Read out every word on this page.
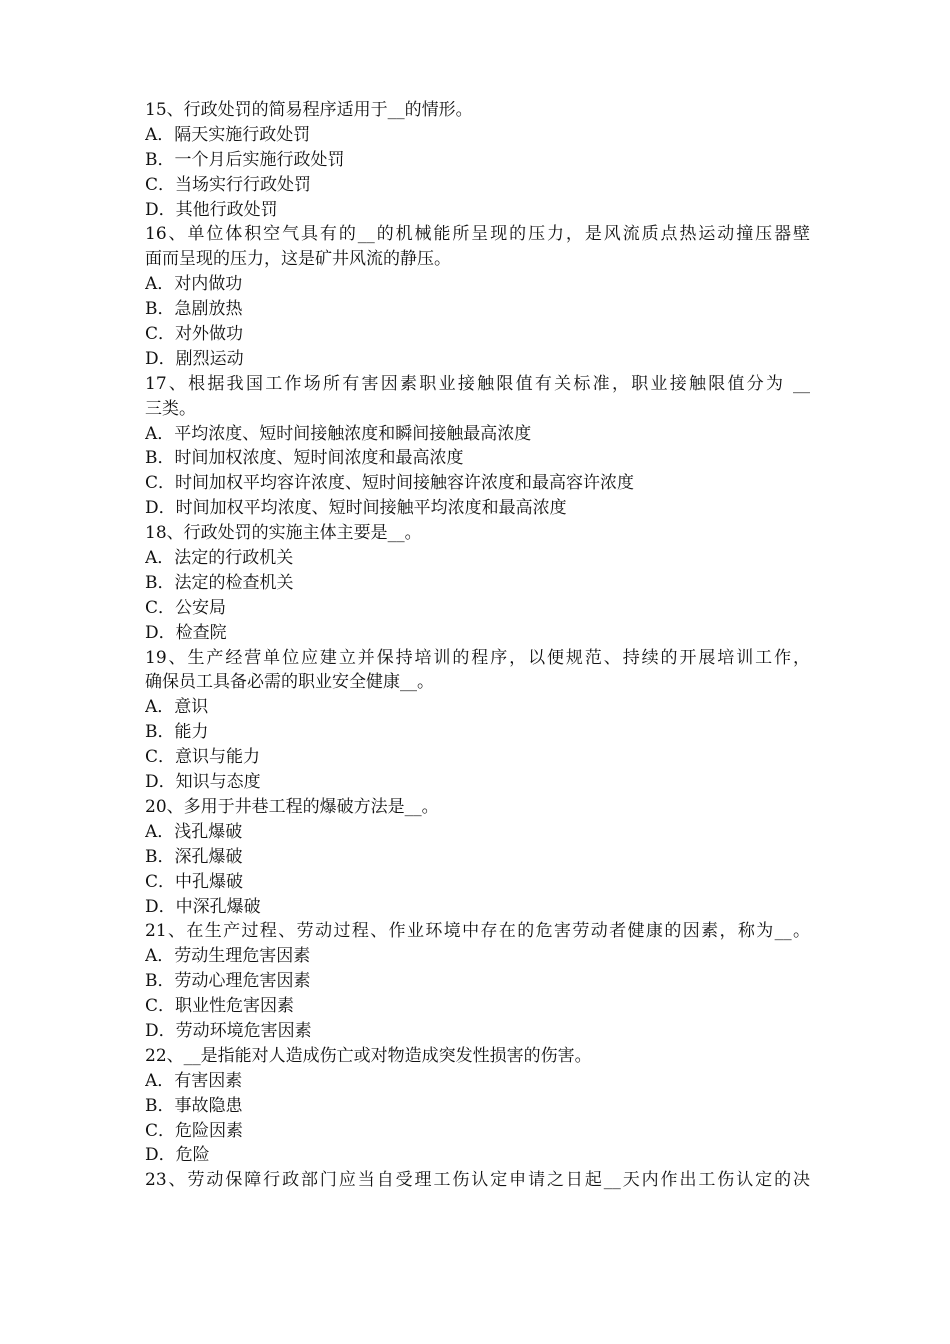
15、行政处罚的简易程序适用于__的情形。
A．隔天实施行政处罚
B．一个月后实施行政处罚
C．当场实行行政处罚
D．其他行政处罚
16、单位体积空气具有的__的机械能所呈现的压力，是风流质点热运动撞压器壁
面而呈现的压力，这是矿井风流的静压。
A．对内做功
B．急剧放热
C．对外做功
D．剧烈运动
17、根据我国工作场所有害因素职业接触限值有关标准，职业接触限值分为 __
三类。
A．平均浓度、短时间接触浓度和瞬间接触最高浓度
B．时间加权浓度、短时间浓度和最高浓度
C．时间加权平均容许浓度、短时间接触容许浓度和最高容许浓度
D．时间加权平均浓度、短时间接触平均浓度和最高浓度
18、行政处罚的实施主体主要是__。
A．法定的行政机关
B．法定的检查机关
C．公安局
D．检查院
19、生产经营单位应建立并保持培训的程序，以便规范、持续的开展培训工作，
确保员工具备必需的职业安全健康__。
A．意识
B．能力
C．意识与能力
D．知识与态度
20、多用于井巷工程的爆破方法是__。
A．浅孔爆破
B．深孔爆破
C．中孔爆破
D．中深孔爆破
21、在生产过程、劳动过程、作业环境中存在的危害劳动者健康的因素，称为__。
A．劳动生理危害因素
B．劳动心理危害因素
C．职业性危害因素
D．劳动环境危害因素
22、__是指能对人造成伤亡或对物造成突发性损害的伤害。
A．有害因素
B．事故隐患
C．危险因素
D．危险
23、劳动保障行政部门应当自受理工伤认定申请之日起__天内作出工伤认定的决
